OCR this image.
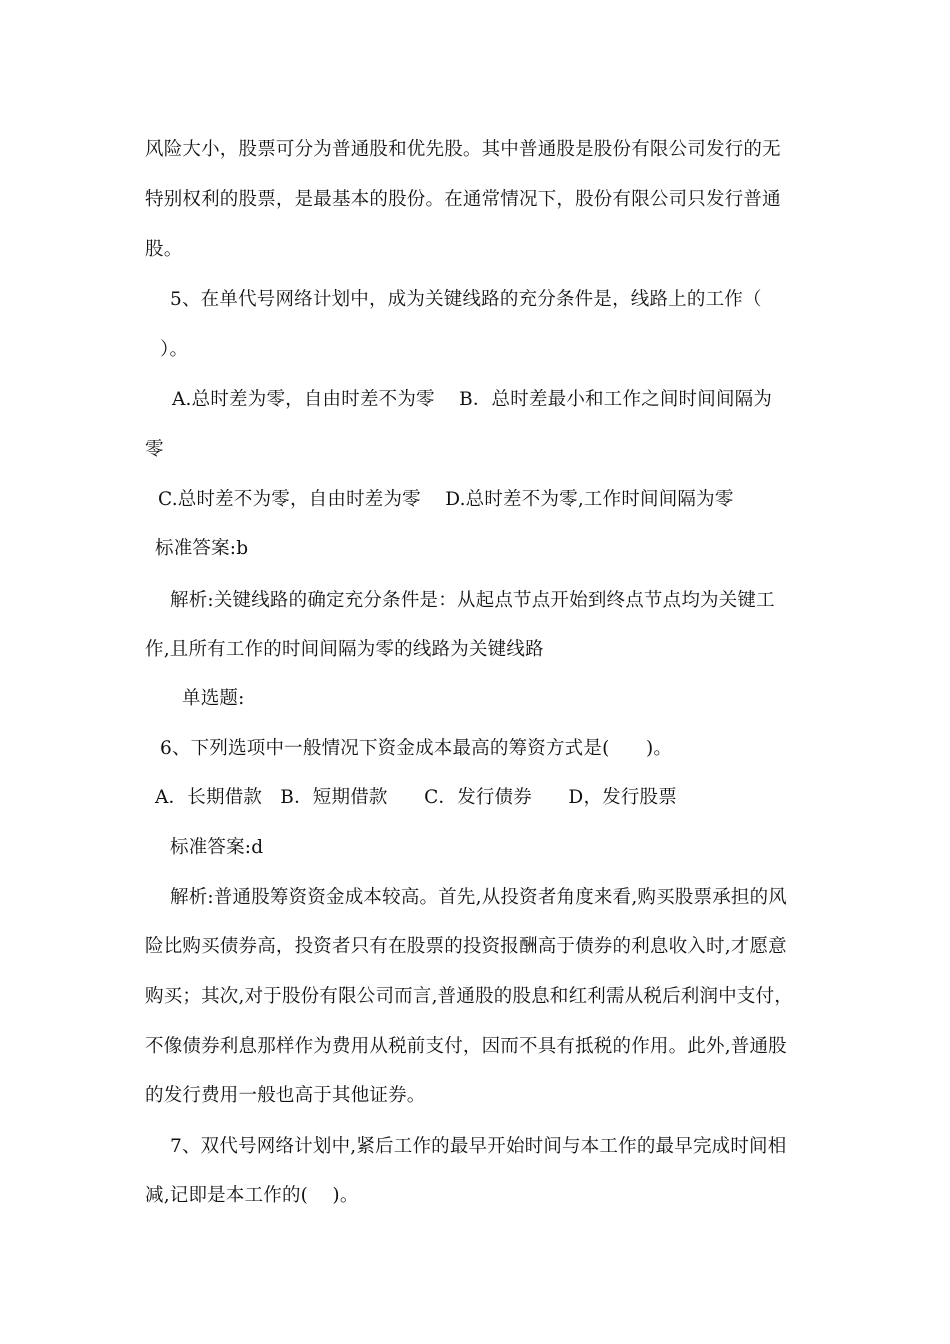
风险大小，股票可分为普通股和优先股。其中普通股是股份有限公司发行的无
特别权利的股票，是最基本的股份。在通常情况下，股份有限公司只发行普通
股。
5、在单代号网络计划中，成为关键线路的充分条件是，线路上的工作（
）。
A.总时差为零，自由时差不为零    B．总时差最小和工作之间时间间隔为
零
C.总时差不为零，自由时差为零    D.总时差不为零,工作时间间隔为零
标准答案:b
解析:关键线路的确定充分条件是：从起点节点开始到终点节点均为关键工
作,且所有工作的时间间隔为零的线路为关键线路
单选题:
6、下列选项中一般情况下资金成本最高的筹资方式是(      )。
A．长期借款   B．短期借款      C．发行债券      D，发行股票
标准答案:d
解析:普通股筹资资金成本较高。首先,从投资者角度来看,购买股票承担的风
险比购买债券高，投资者只有在股票的投资报酬高于债券的利息收入时,才愿意
购买；其次,对于股份有限公司而言,普通股的股息和红利需从税后利润中支付，
不像债券利息那样作为费用从税前支付，因而不具有抵税的作用。此外,普通股
的发行费用一般也高于其他证券。
7、双代号网络计划中,紧后工作的最早开始时间与本工作的最早完成时间相
减,记即是本工作的(    )。
